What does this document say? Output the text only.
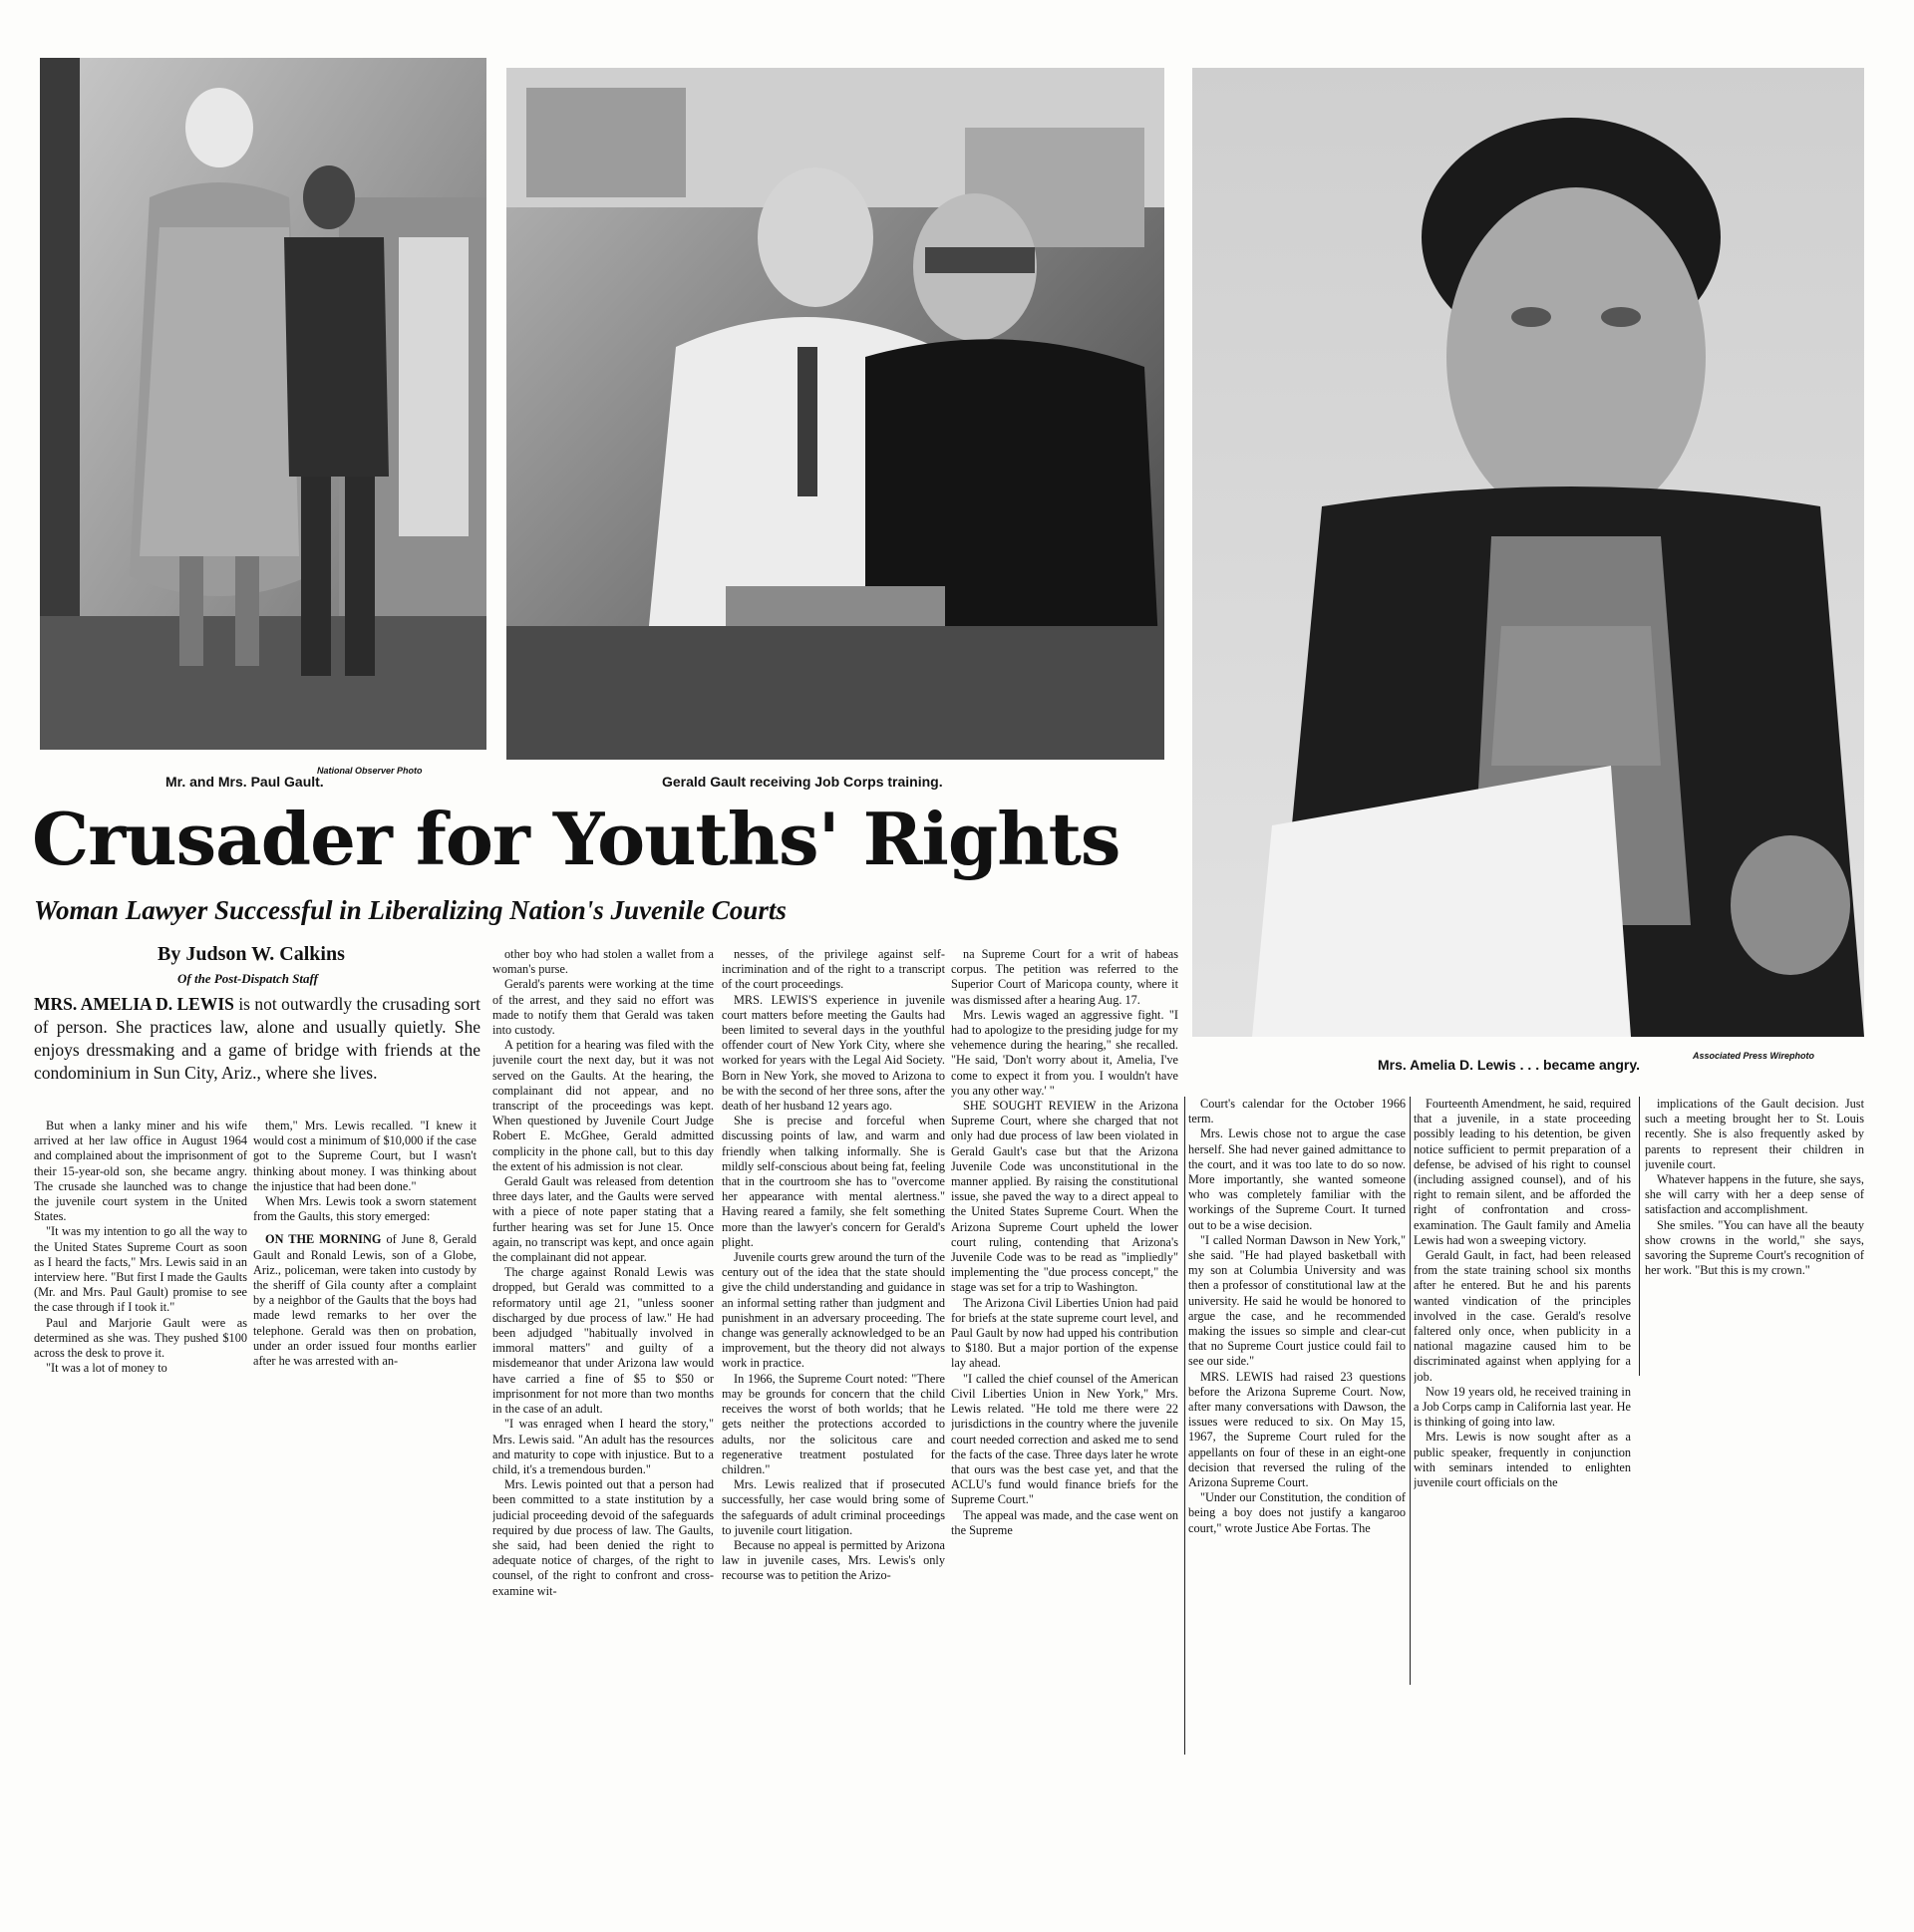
National Observer Photo
Mr. and Mrs. Paul Gault.	Gerald Gault receiving Job Corps training.
Associated Press Wirephoto
Mrs. Amelia D. Lewis . . . became angry.
Crusader for Youths' Rights
Woman Lawyer Successful in Liberalizing Nation's Juvenile Courts
By Judson W. Calkins
Of the Post-Dispatch Staff
MRS. AMELIA D. LEWIS is not outwardly the crusading sort of person. She practices law, alone and usually quietly. She enjoys dressmaking and a game of bridge with friends at the condominium in Sun City, Ariz., where she lives.

But when a lanky miner and his wife arrived at her law office in August 1964 and complained about the imprisonment of their 15-year-old son, she became angry. The crusade she launched was to change the juvenile court system in the United States.

"It was my intention to go all the way to the United States Supreme Court as soon as I heard the facts," Mrs. Lewis said in an interview here. "But first I made the Gaults (Mr. and Mrs. Paul Gault) promise to see the case through if I took it."

Paul and Marjorie Gault were as determined as she was. They pushed $100 across the desk to prove it.

"It was a lot of money to

them," Mrs. Lewis recalled. "I knew it would cost a minimum of $10,000 if the case got to the Supreme Court, but I wasn't thinking about money. I was thinking about the injustice that had been done."

When Mrs. Lewis took a sworn statement from the Gaults, this story emerged:

ON THE MORNING of June 8, Gerald Gault and Ronald Lewis, son of a Globe, Ariz., policeman, were taken into custody by the sheriff of Gila county after a complaint by a neighbor of the Gaults that the boys had made lewd remarks to her over the telephone. Gerald was then on probation, under an order issued four months earlier after he was arrested with an-

other boy who had stolen a wallet from a woman's purse.

Gerald's parents were working at the time of the arrest, and they said no effort was made to notify them that Gerald was taken into custody.

A petition for a hearing was filed with the juvenile court the next day, but it was not served on the Gaults. At the hearing, the complainant did not appear, and no transcript of the proceedings was kept. When questioned by Juvenile Court Judge Robert E. McGhee, Gerald admitted complicity in the phone call, but to this day the extent of his admission is not clear.

Gerald Gault was released from detention three days later, and the Gaults were served with a piece of note paper stating that a further hearing was set for June 15. Once again, no transcript was kept, and once again the complainant did not appear.

The charge against Ronald Lewis was dropped, but Gerald was committed to a reformatory until age 21, "unless sooner discharged by due process of law." He had been adjudged "habitually involved in immoral matters" and guilty of a misdemeanor that under Arizona law would have carried a fine of $5 to $50 or imprisonment for not more than two months in the case of an adult.

"I was enraged when I heard the story," Mrs. Lewis said. "An adult has the resources and maturity to cope with injustice. But to a child, it's a tremendous burden."

Mrs. Lewis pointed out that a person had been committed to a state institution by a judicial proceeding devoid of the safeguards required by due process of law. The Gaults, she said, had been denied the right to adequate notice of charges, of the right to counsel, of the right to confront and cross-examine wit-

nesses, of the privilege against self-incrimination and of the right to a transcript of the court proceedings.

MRS. LEWIS'S experience in juvenile court matters before meeting the Gaults had been limited to several days in the youthful offender court of New York City, where she worked for years with the Legal Aid Society. Born in New York, she moved to Arizona to be with the second of her three sons, after the death of her husband 12 years ago.

She is precise and forceful when discussing points of law, and warm and friendly when talking informally. She is mildly self-conscious about being fat, feeling that in the courtroom she has to "overcome her appearance with mental alertness." Having reared a family, she felt something more than the lawyer's concern for Gerald's plight.

Juvenile courts grew around the turn of the century out of the idea that the state should give the child understanding and guidance in an informal setting rather than judgment and punishment in an adversary proceeding. The change was generally acknowledged to be an improvement, but the theory did not always work in practice.

In 1966, the Supreme Court noted: "There may be grounds for concern that the child receives the worst of both worlds; that he gets neither the protections accorded to adults, nor the solicitous care and regenerative treatment postulated for children."

Mrs. Lewis realized that if prosecuted successfully, her case would bring some of the safeguards of adult criminal proceedings to juvenile court litigation.

Because no appeal is permitted by Arizona law in juvenile cases, Mrs. Lewis's only recourse was to petition the Arizo-

na Supreme Court for a writ of habeas corpus. The petition was referred to the Superior Court of Maricopa county, where it was dismissed after a hearing Aug. 17.

Mrs. Lewis waged an aggressive fight. "I had to apologize to the presiding judge for my vehemence during the hearing," she recalled. "He said, 'Don't worry about it, Amelia, I've come to expect it from you. I wouldn't have you any other way.' "

SHE SOUGHT REVIEW in the Arizona Supreme Court, where she charged that not only had due process of law been violated in Gerald Gault's case but that the Arizona Juvenile Code was unconstitutional in the manner applied. By raising the constitutional issue, she paved the way to a direct appeal to the United States Supreme Court. When the Arizona Supreme Court upheld the lower court ruling, contending that Arizona's Juvenile Code was to be read as "impliedly" implementing the "due process concept," the stage was set for a trip to Washington.

The Arizona Civil Liberties Union had paid for briefs at the state supreme court level, and Paul Gault by now had upped his contribution to $180. But a major portion of the expense lay ahead.

"I called the chief counsel of the American Civil Liberties Union in New York," Mrs. Lewis related. "He told me there were 22 jurisdictions in the country where the juvenile court needed correction and asked me to send the facts of the case. Three days later he wrote that ours was the best case yet, and that the ACLU's fund would finance briefs for the Supreme Court."

The appeal was made, and the case went on the Supreme

Court's calendar for the October 1966 term.

Mrs. Lewis chose not to argue the case herself. She had never gained admittance to the court, and it was too late to do so now. More importantly, she wanted someone who was completely familiar with the workings of the Supreme Court. It turned out to be a wise decision.

"I called Norman Dawson in New York," she said. "He had played basketball with my son at Columbia University and was then a professor of constitutional law at the university. He said he would be honored to argue the case, and he recommended making the issues so simple and clear-cut that no Supreme Court justice could fail to see our side."

MRS. LEWIS had raised 23 questions before the Arizona Supreme Court. Now, after many conversations with Dawson, the issues were reduced to six. On May 15, 1967, the Supreme Court ruled for the appellants on four of these in an eight-one decision that reversed the ruling of the Arizona Supreme Court.

"Under our Constitution, the condition of being a boy does not justify a kangaroo court," wrote Justice Abe Fortas. The

Fourteenth Amendment, he said, required that a juvenile, in a state proceeding possibly leading to his detention, be given notice sufficient to permit preparation of a defense, be advised of his right to counsel (including assigned counsel), and of his right to remain silent, and be afforded the right of confrontation and cross-examination. The Gault family and Amelia Lewis had won a sweeping victory.

Gerald Gault, in fact, had been released from the state training school six months after he entered. But he and his parents wanted vindication of the principles involved in the case. Gerald's resolve faltered only once, when publicity in a national magazine caused him to be discriminated against when applying for a job.

Now 19 years old, he received training in a Job Corps camp in California last year. He is thinking of going into law.

Mrs. Lewis is now sought after as a public speaker, frequently in conjunction with seminars intended to enlighten juvenile court officials on the

implications of the Gault decision. Just such a meeting brought her to St. Louis recently. She is also frequently asked by parents to represent their children in juvenile court.

Whatever happens in the future, she says, she will carry with her a deep sense of satisfaction and accomplishment.

She smiles. "You can have all the beauty show crowns in the world," she says, savoring the Supreme Court's recognition of her work. "But this is my crown."
